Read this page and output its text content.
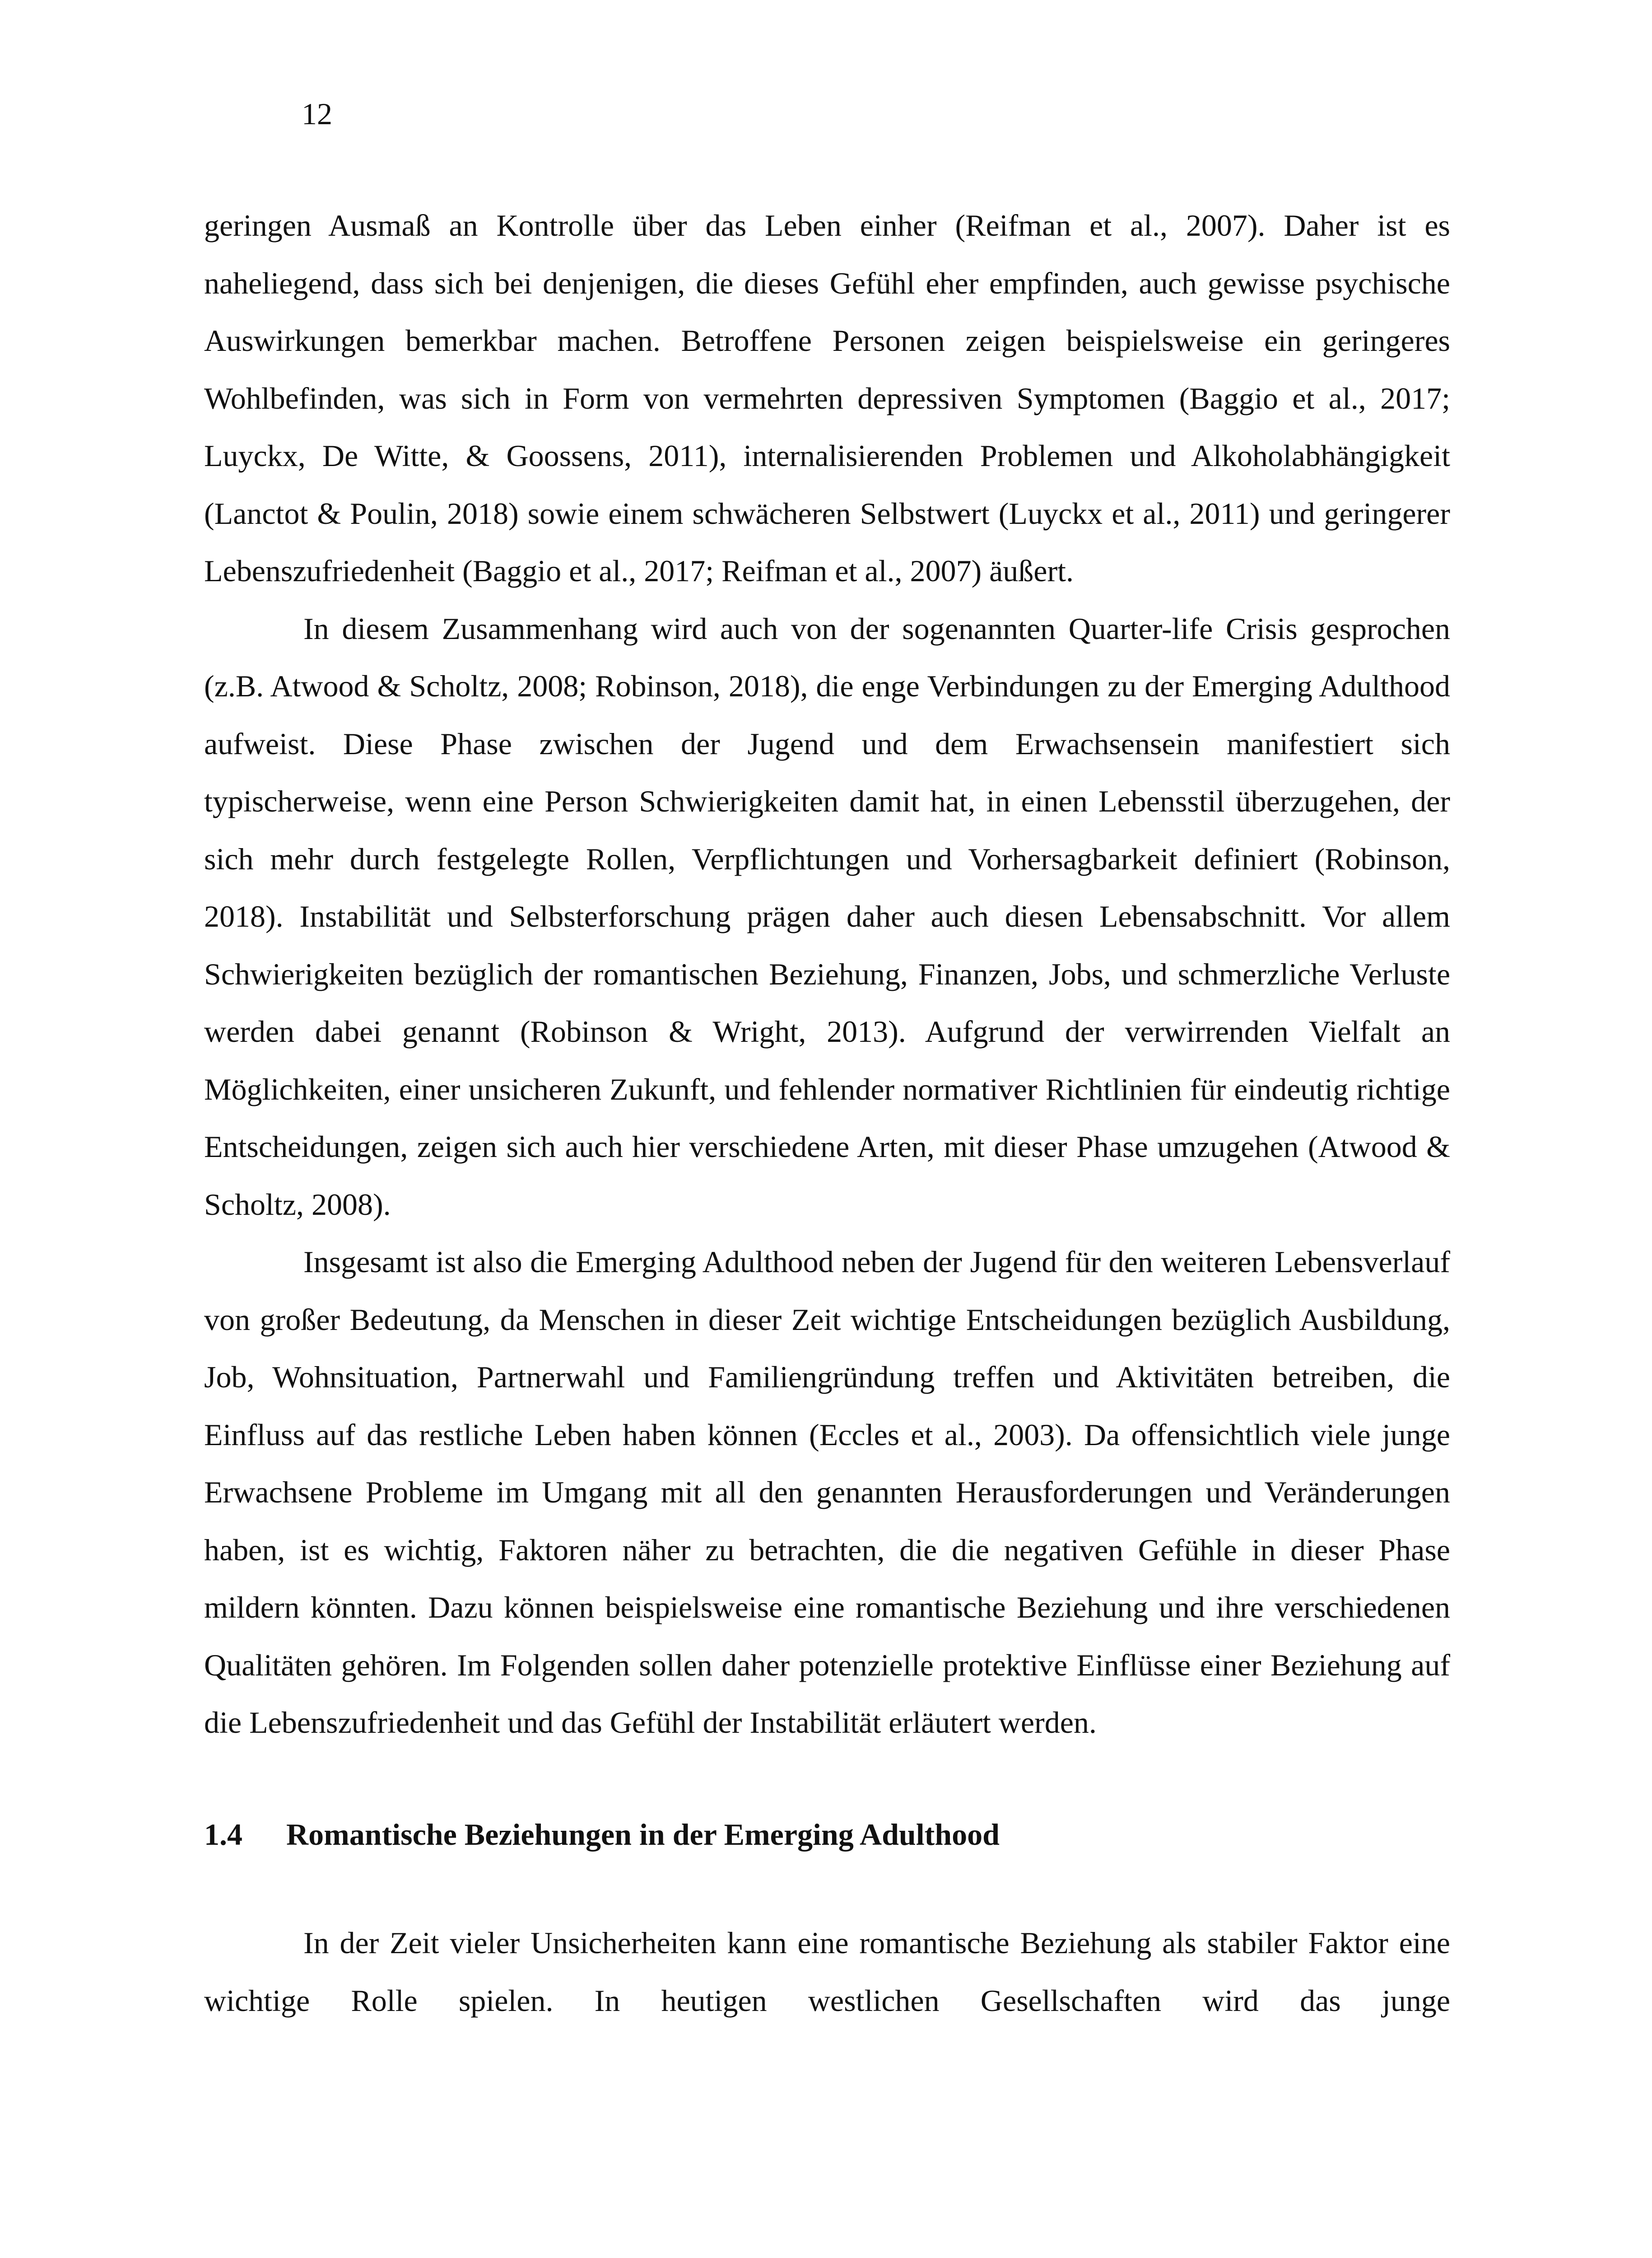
12

geringen Ausmaß an Kontrolle über das Leben einher (Reifman et al., 2007). Daher ist es naheliegend, dass sich bei denjenigen, die dieses Gefühl eher empfinden, auch gewisse psychische Auswirkungen bemerkbar machen. Betroffene Personen zeigen beispielsweise ein geringeres Wohlbefinden, was sich in Form von vermehrten depressiven Symptomen (Baggio et al., 2017; Luyckx, De Witte, & Goossens, 2011), internalisierenden Problemen und Alkoholabhängigkeit (Lanctot & Poulin, 2018) sowie einem schwächeren Selbstwert (Luyckx et al., 2011) und geringerer Lebenszufriedenheit (Baggio et al., 2017; Reifman et al., 2007) äußert.

In diesem Zusammenhang wird auch von der sogenannten Quarter-life Crisis gesprochen (z.B. Atwood & Scholtz, 2008; Robinson, 2018), die enge Verbindungen zu der Emerging Adulthood aufweist. Diese Phase zwischen der Jugend und dem Erwachsensein manifestiert sich typischerweise, wenn eine Person Schwierigkeiten damit hat, in einen Lebensstil überzugehen, der sich mehr durch festgelegte Rollen, Verpflichtungen und Vorhersagbarkeit definiert (Robinson, 2018). Instabilität und Selbsterforschung prägen daher auch diesen Lebensabschnitt. Vor allem Schwierigkeiten bezüglich der romantischen Beziehung, Finanzen, Jobs, und schmerzliche Verluste werden dabei genannt (Robinson & Wright, 2013). Aufgrund der verwirrenden Vielfalt an Möglichkeiten, einer unsicheren Zukunft, und fehlender normativer Richtlinien für eindeutig richtige Entscheidungen, zeigen sich auch hier verschiedene Arten, mit dieser Phase umzugehen (Atwood & Scholtz, 2008).

Insgesamt ist also die Emerging Adulthood neben der Jugend für den weiteren Lebensverlauf von großer Bedeutung, da Menschen in dieser Zeit wichtige Entscheidungen bezüglich Ausbildung, Job, Wohnsituation, Partnerwahl und Familiengründung treffen und Aktivitäten betreiben, die Einfluss auf das restliche Leben haben können (Eccles et al., 2003). Da offensichtlich viele junge Erwachsene Probleme im Umgang mit all den genannten Herausforderungen und Veränderungen haben, ist es wichtig, Faktoren näher zu betrachten, die die negativen Gefühle in dieser Phase mildern könnten. Dazu können beispielsweise eine romantische Beziehung und ihre verschiedenen Qualitäten gehören. Im Folgenden sollen daher potenzielle protektive Einflüsse einer Beziehung auf die Lebenszufriedenheit und das Gefühl der Instabilität erläutert werden.

1.4	Romantische Beziehungen in der Emerging Adulthood

In der Zeit vieler Unsicherheiten kann eine romantische Beziehung als stabiler Faktor eine wichtige Rolle spielen. In heutigen westlichen Gesellschaften wird das junge
